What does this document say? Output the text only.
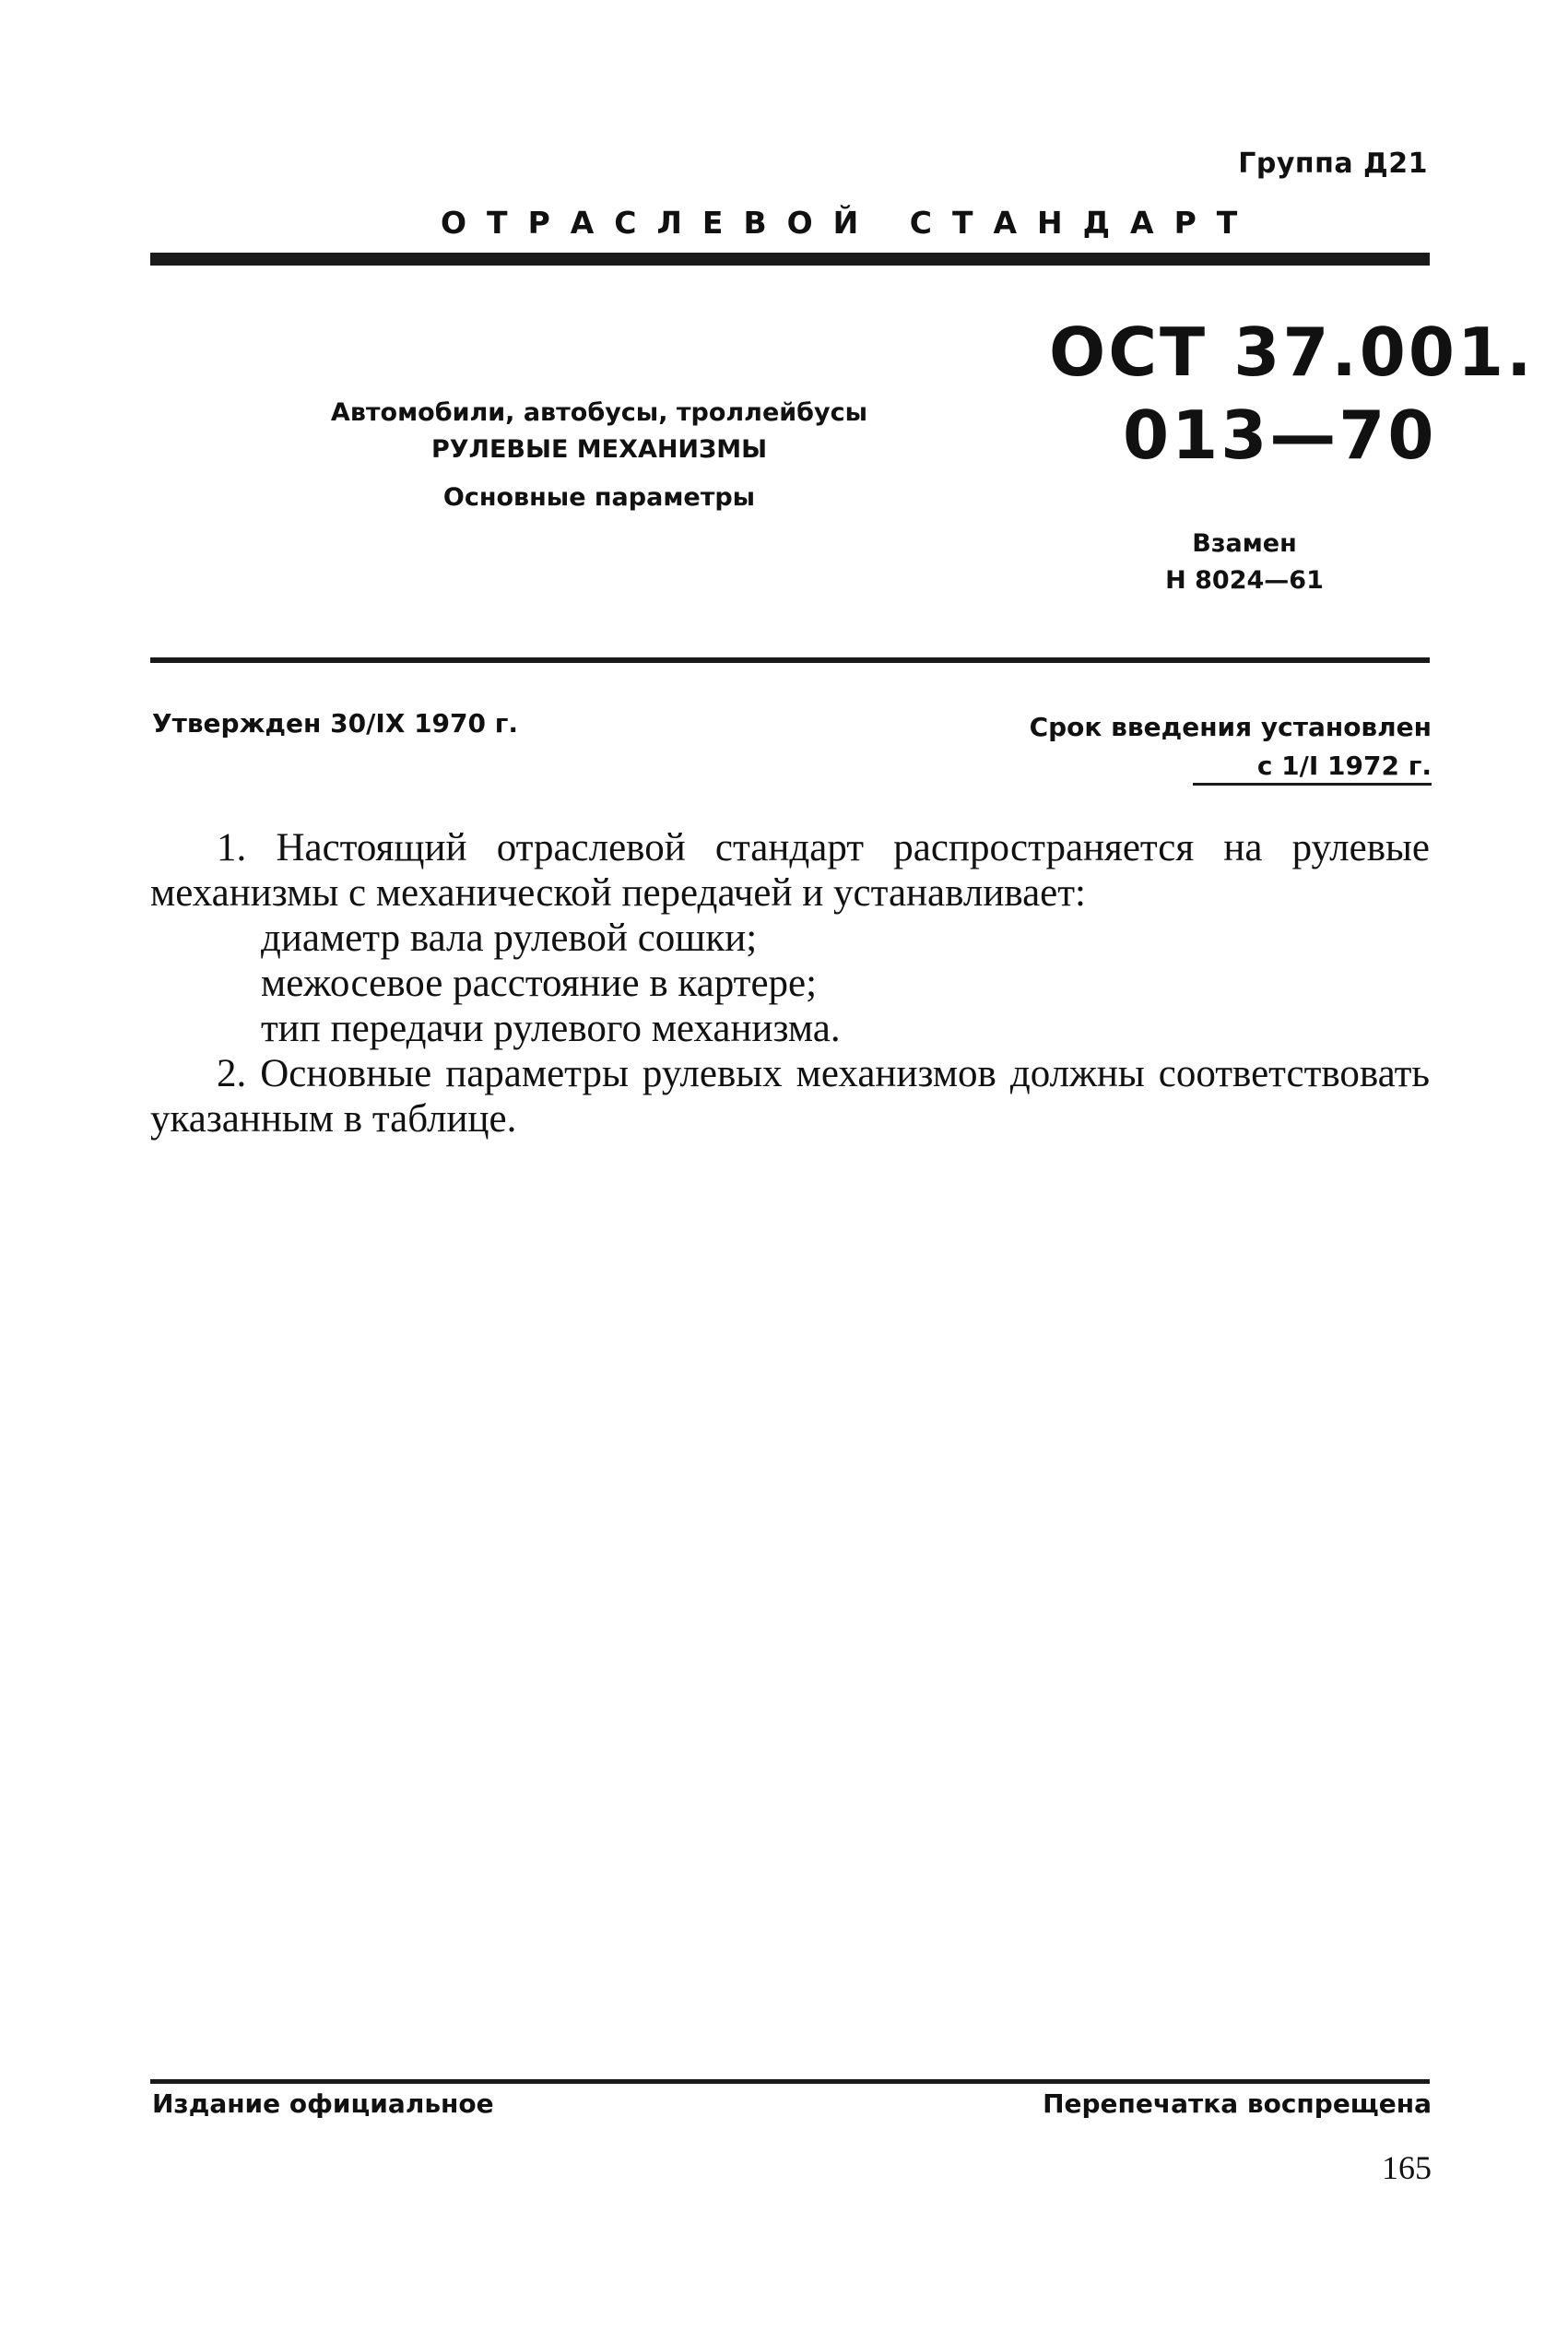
Группа Д21
ОТРАСЛЕВОЙ СТАНДАРТ
ОСТ 37.001.
013—70
Автомобили, автобусы, троллейбусы
РУЛЕВЫЕ МЕХАНИЗМЫ
Основные параметры
Взамен
Н 8024—61
Утвержден 30/IX 1970 г.	Срок введения установлен
с 1/I 1972 г.

1. Настоящий отраслевой стандарт распространяется на рулевые механизмы с механической передачей и устанавливает:

диаметр вала рулевой сошки;

межосевое расстояние в картере;

тип передачи рулевого механизма.

2. Основные параметры рулевых механизмов должны соответствовать указанным в таблице.

Издание официальное	Перепечатка воспрещена
165
